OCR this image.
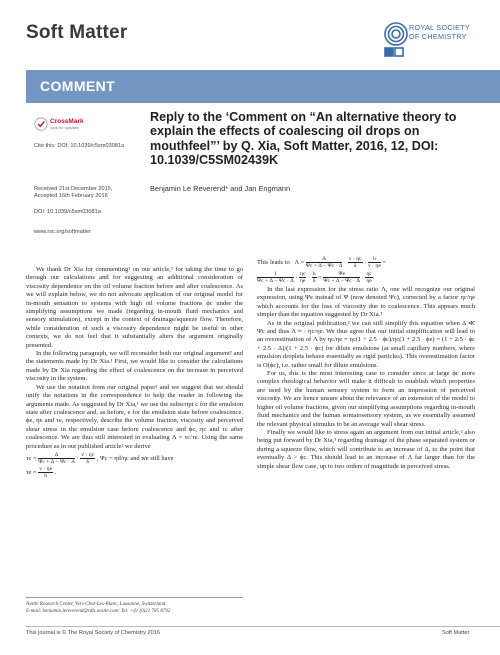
Soft Matter	ROYAL SOCIETY
OF CHEMISTRY
COMMENT
CrossMark
click for updates
Cite this: DOI: 10.1039/c5sm03081a
Received 21st December 2015,
Accepted 16th February 2016
DOI: 10.1039/c5sm03081a
www.rsc.org/softmatter
Reply to the ‘Comment on “An alternative theory to explain the effects of coalescing oil drops on mouthfeel”’ by Q. Xia, Soft Matter, 2016, 12, DOI: 10.1039/C5SM02439K
Benjamin Le Reverend* and Jan Engmann

We thank Dr Xia for commenting¹ on our article,² for taking the time to go through our calculations and for suggesting an additional consideration of viscosity dependence on the oil volume fraction before and after coalescence. As we will explain below, we do not advocate application of our original model for in-mouth sensation to systems with high oil volume fractions ϕc under the simplifying assumptions we made (regarding in-mouth fluid mechanics and sensory stimulation), except in the context of drainage/squeeze flow. Therefore, while consideration of such a viscosity dependence might be useful in other contexts, we do not feel that it substantially alters the argument originally presented.

In the following paragraph, we will reconsider both our original argument² and the statements made by Dr Xia.¹ First, we would like to consider the calculations made by Dr Xia regarding the effect of coalescence on the increase in perceived viscosity in the system.

We use the notation from our original paper² and we suggest that we should unify the notations in the correspondence to help the reader in following the arguments made. As suggested by Dr Xia,¹ we use the subscript c for the emulsion state after coalescence and, as before, e for the emulsion state before coalescence. ϕe, ηe and τe, respectively, describe the volume fraction, viscosity and perceived shear stress in the emulsion case before coalescence and ϕc, ηc and τc after coalescence. We are thus still interested in evaluating Λ = τc/τe. Using the same procedure as in our published article² we derive

$\tau c = \frac{\Delta}{\Psi c + \Delta - \Psi c \cdot \Delta} \cdot \frac{v \cdot \eta c}{\delta}$ , Ψc = ηd/ηc and we still have
$\tau e = \frac{v \cdot \eta e}{h}$ .
Nestlé Research Center, Vers-Chez-Les-Blanc, Lausanne, Switzerland.
E-mail: benjamin.lereverend@rdls.nestle.com; Tel: +41 (0)21 785 8792
This leads to $\Lambda = \frac{\Delta}{\Psi c + \Delta - \Psi c \cdot \Delta} \cdot \frac{v \cdot \eta c}{\delta} \cdot \frac{h}{v \cdot \eta e}$ =
$\frac{1}{\Psi c + \Delta - \Psi c \cdot \Delta} \cdot \frac{\eta c}{\eta e} \cdot \frac{h}{\delta} = \frac{\Psi e}{\Psi c + \Delta - \Psi c \cdot \Delta} \cdot \frac{\eta c}{\eta e}$ .

In the last expression for the stress ratio Λ, one will recognize our original expression, using Ψe instead of Ψ (now denoted Ψc), corrected by a factor ηc/ηe which accounts for the loss of viscosity due to coalescence. This appears much simpler than the equation suggested by Dr Xia.¹

As in the original publication,² we can still simplify this equation when Δ ≪ Ψc and thus Λ ≈ · ηc/ηe. We thus agree that our initial simplification will lead to an overestimation of Λ by ηc/ηe = ηc(1 + 2.5 · ϕc)/ηc(1 + 2.5 · ϕe) = (1 + 2.5 · ϕc + 2.5 · Δ)/(1 + 2.5 · ϕc) for dilute emulsions (at small capillary numbers, where emulsion droplets behave essentially as rigid particles). This overestimation factor is O(ϕc), i.e. rather small for dilute emulsions.

For us, this is the most interesting case to consider since at large ϕc more complex rheological behavior will make it difficult to establish which properties are used by the human sensory system to form an impression of perceived viscosity. We are hence unsure about the relevance of an extension of the model to higher oil volume fractions, given our simplifying assumptions regarding in-mouth fluid mechanics and the human somatosensory system, as we essentially assumed the relevant physical stimulus to be an average wall shear stress.

Finally we would like to stress again an argument from our initial article,² also being put forward by Dr Xia,¹ regarding drainage of the phase separated system or during a squeeze flow, which will contribute to an increase of Δ, to the point that eventually Δ > ϕc. This should lead to an increase of Λ far larger than for the simple shear flow case, up to two orders of magnitude in perceived stress.

This journal is © The Royal Society of Chemistry 2016	Soft Matter
